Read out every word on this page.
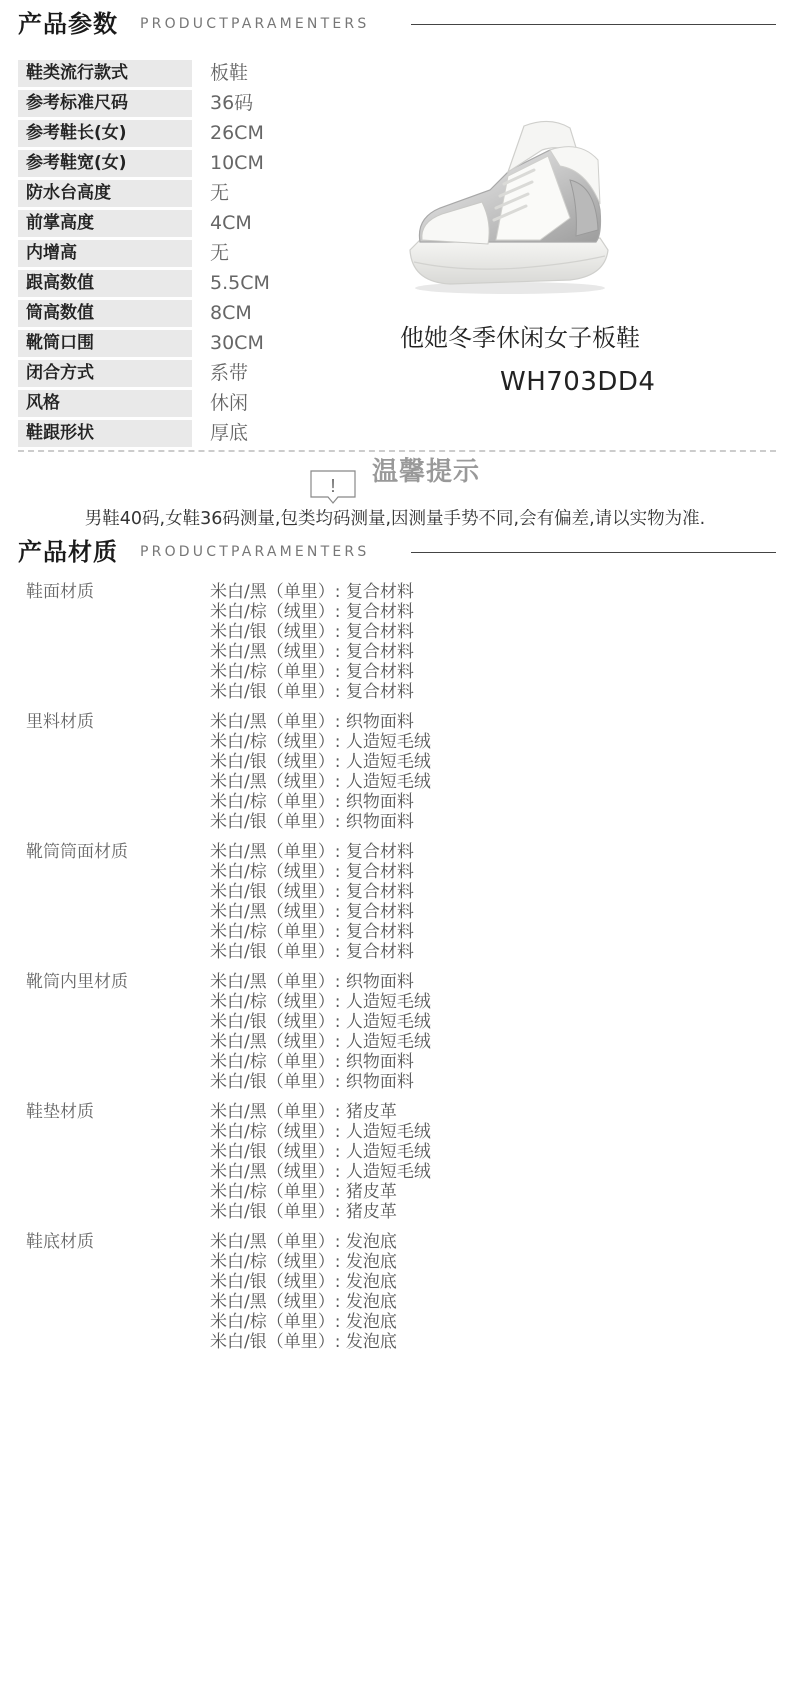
产品参数 PRODUCTPARAMENTERS
鞋类流行款式	板鞋
参考标准尺码	36码
参考鞋长(女)	26CM
参考鞋宽(女)	10CM
防水台高度	无
前掌高度	4CM
内增高	无
跟高数值	5.5CM
筒高数值	8CM
靴筒口围	30CM
闭合方式	系带
风格	休闲
鞋跟形状	厚底
他她冬季休闲女子板鞋
WH703DD4
! 温馨提示
男鞋40码,女鞋36码测量,包类均码测量,因测量手势不同,会有偏差,请以实物为准.
产品材质 PRODUCTPARAMENTERS
鞋面材质	米白/黑（单里）: 复合材料
米白/棕（绒里）: 复合材料
米白/银（绒里）: 复合材料
米白/黑（绒里）: 复合材料
米白/棕（单里）: 复合材料
米白/银（单里）: 复合材料
里料材质	米白/黑（单里）: 织物面料
米白/棕（绒里）: 人造短毛绒
米白/银（绒里）: 人造短毛绒
米白/黑（绒里）: 人造短毛绒
米白/棕（单里）: 织物面料
米白/银（单里）: 织物面料
靴筒筒面材质	米白/黑（单里）: 复合材料
米白/棕（绒里）: 复合材料
米白/银（绒里）: 复合材料
米白/黑（绒里）: 复合材料
米白/棕（单里）: 复合材料
米白/银（单里）: 复合材料
靴筒内里材质	米白/黑（单里）: 织物面料
米白/棕（绒里）: 人造短毛绒
米白/银（绒里）: 人造短毛绒
米白/黑（绒里）: 人造短毛绒
米白/棕（单里）: 织物面料
米白/银（单里）: 织物面料
鞋垫材质	米白/黑（单里）: 猪皮革
米白/棕（绒里）: 人造短毛绒
米白/银（绒里）: 人造短毛绒
米白/黑（绒里）: 人造短毛绒
米白/棕（单里）: 猪皮革
米白/银（单里）: 猪皮革
鞋底材质	米白/黑（单里）: 发泡底
米白/棕（绒里）: 发泡底
米白/银（绒里）: 发泡底
米白/黑（绒里）: 发泡底
米白/棕（单里）: 发泡底
米白/银（单里）: 发泡底
